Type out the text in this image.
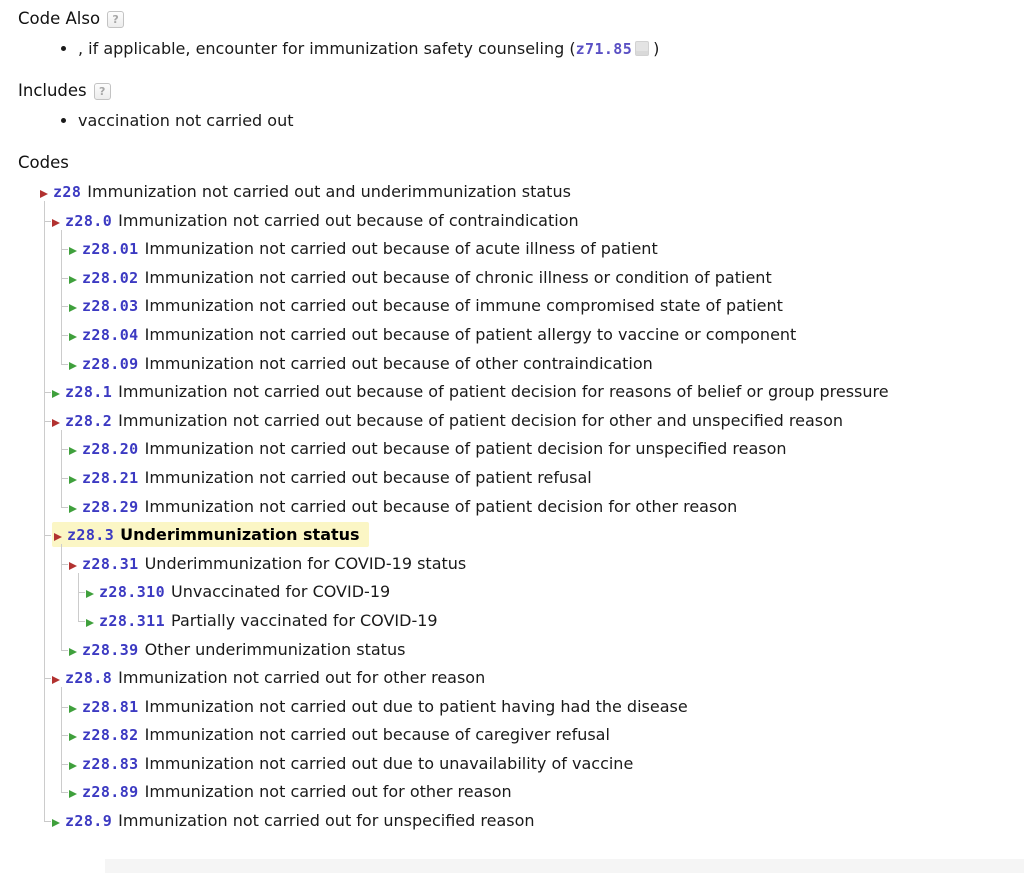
Code Also ?
• , if applicable, encounter for immunization safety counseling (z71.85 )
Includes ?
• vaccination not carried out
Codes
z28 Immunization not carried out and underimmunization status
z28.0 Immunization not carried out because of contraindication
z28.01 Immunization not carried out because of acute illness of patient
z28.02 Immunization not carried out because of chronic illness or condition of patient
z28.03 Immunization not carried out because of immune compromised state of patient
z28.04 Immunization not carried out because of patient allergy to vaccine or component
z28.09 Immunization not carried out because of other contraindication
z28.1 Immunization not carried out because of patient decision for reasons of belief or group pressure
z28.2 Immunization not carried out because of patient decision for other and unspecified reason
z28.20 Immunization not carried out because of patient decision for unspecified reason
z28.21 Immunization not carried out because of patient refusal
z28.29 Immunization not carried out because of patient decision for other reason
z28.3 Underimmunization status
z28.31 Underimmunization for COVID-19 status
z28.310 Unvaccinated for COVID-19
z28.311 Partially vaccinated for COVID-19
z28.39 Other underimmunization status
z28.8 Immunization not carried out for other reason
z28.81 Immunization not carried out due to patient having had the disease
z28.82 Immunization not carried out because of caregiver refusal
z28.83 Immunization not carried out due to unavailability of vaccine
z28.89 Immunization not carried out for other reason
z28.9 Immunization not carried out for unspecified reason
